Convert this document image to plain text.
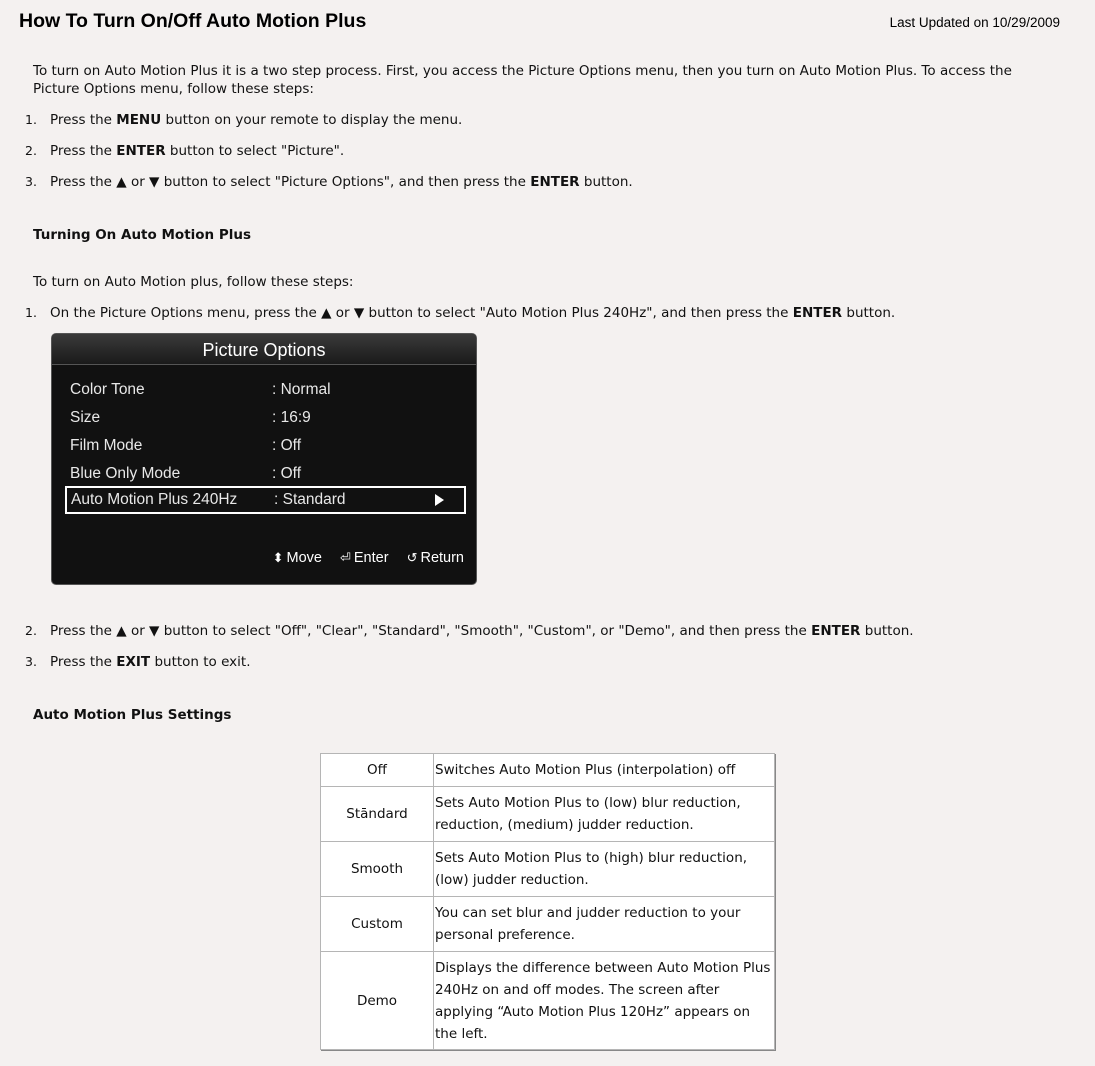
How To Turn On/Off Auto Motion Plus	Last Updated on 10/29/2009
To turn on Auto Motion Plus it is a two step process. First, you access the Picture Options menu, then you turn on Auto Motion Plus. To access the Picture Options menu, follow these steps:
1. Press the MENU button on your remote to display the menu.
2. Press the ENTER button to select "Picture".
3. Press the ▲ or ▼ button to select "Picture Options", and then press the ENTER button.
Turning On Auto Motion Plus
To turn on Auto Motion plus, follow these steps:
1. On the Picture Options menu, press the ▲ or ▼ button to select "Auto Motion Plus 240Hz", and then press the ENTER button.
Picture Options
Color Tone	: Normal
Size	: 16:9
Film Mode	: Off
Blue Only Mode	: Off
Auto Motion Plus 240Hz : Standard
⬍ Move ⏎ Enter ↺ Return
2. Press the ▲ or ▼ button to select "Off", "Clear", "Standard", "Smooth", "Custom", or "Demo", and then press the ENTER button.
3. Press the EXIT button to exit.
Auto Motion Plus Settings
Off	Switches Auto Motion Plus (interpolation) off
Stāndard	Sets Auto Motion Plus to (low) blur reduction, reduction, (medium) judder reduction.
Smooth	Sets Auto Motion Plus to (high) blur reduction, (low) judder reduction.
Custom	You can set blur and judder reduction to your personal preference.
Demo	Displays the difference between Auto Motion Plus 240Hz on and off modes. The screen after applying “Auto Motion Plus 120Hz” appears on the left.
